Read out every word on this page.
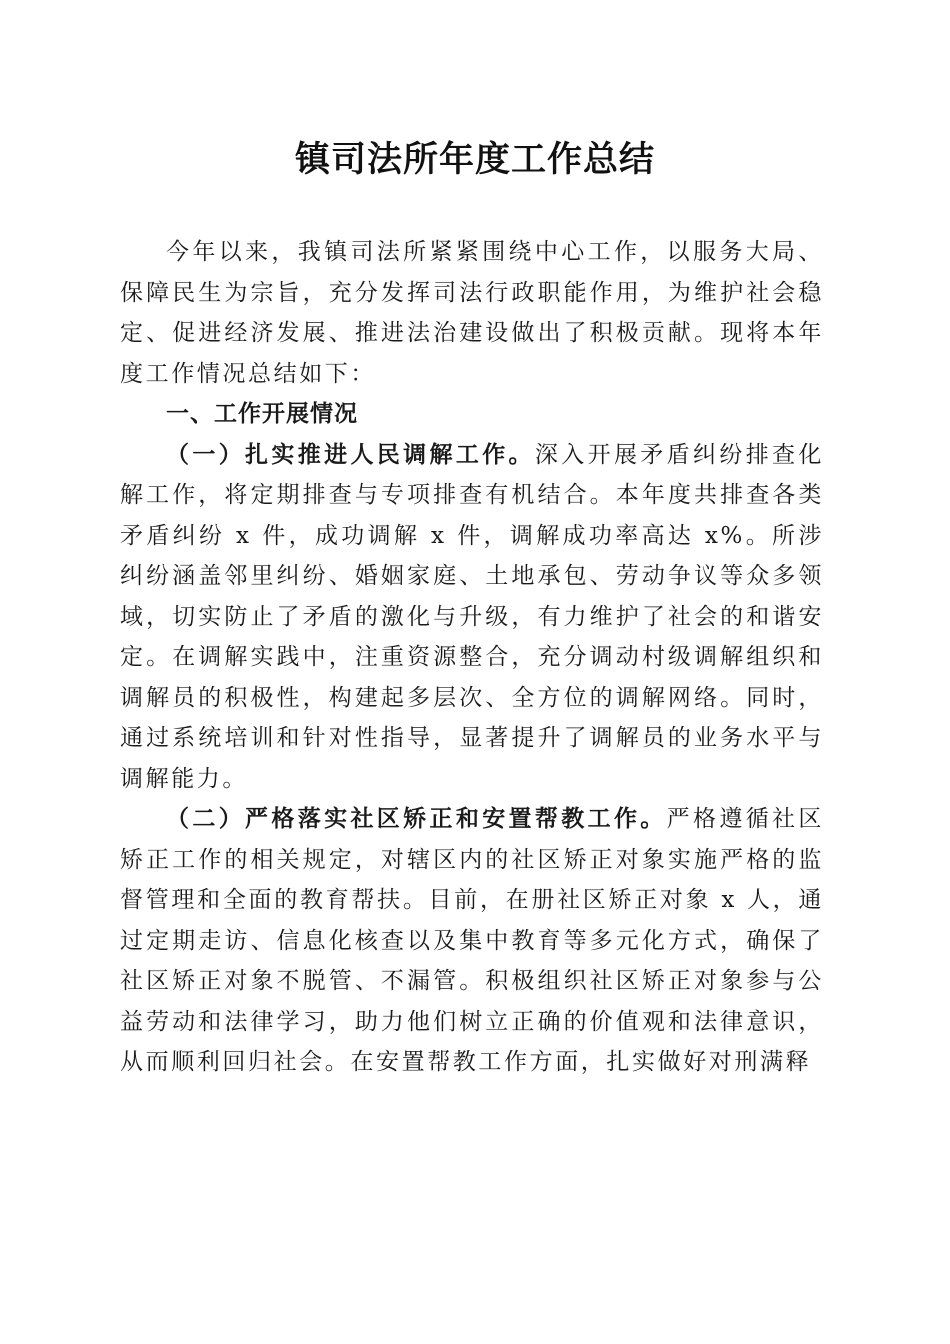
镇司法所年度工作总结

今年以来，我镇司法所紧紧围绕中心工作，以服务大局、保障民生为宗旨，充分发挥司法行政职能作用，为维护社会稳定、促进经济发展、推进法治建设做出了积极贡献。现将本年度工作情况总结如下：

一、工作开展情况

（一）扎实推进人民调解工作。深入开展矛盾纠纷排查化解工作，将定期排查与专项排查有机结合。本年度共排查各类矛盾纠纷 x 件，成功调解 x 件，调解成功率高达 x%。所涉纠纷涵盖邻里纠纷、婚姻家庭、土地承包、劳动争议等众多领域，切实防止了矛盾的激化与升级，有力维护了社会的和谐安定。在调解实践中，注重资源整合，充分调动村级调解组织和调解员的积极性，构建起多层次、全方位的调解网络。同时，通过系统培训和针对性指导，显著提升了调解员的业务水平与调解能力。

（二）严格落实社区矫正和安置帮教工作。严格遵循社区矫正工作的相关规定，对辖区内的社区矫正对象实施严格的监督管理和全面的教育帮扶。目前，在册社区矫正对象 x 人，通过定期走访、信息化核查以及集中教育等多元化方式，确保了社区矫正对象不脱管、不漏管。积极组织社区矫正对象参与公益劳动和法律学习，助力他们树立正确的价值观和法律意识，从而顺利回归社会。在安置帮教工作方面，扎实做好对刑满释
